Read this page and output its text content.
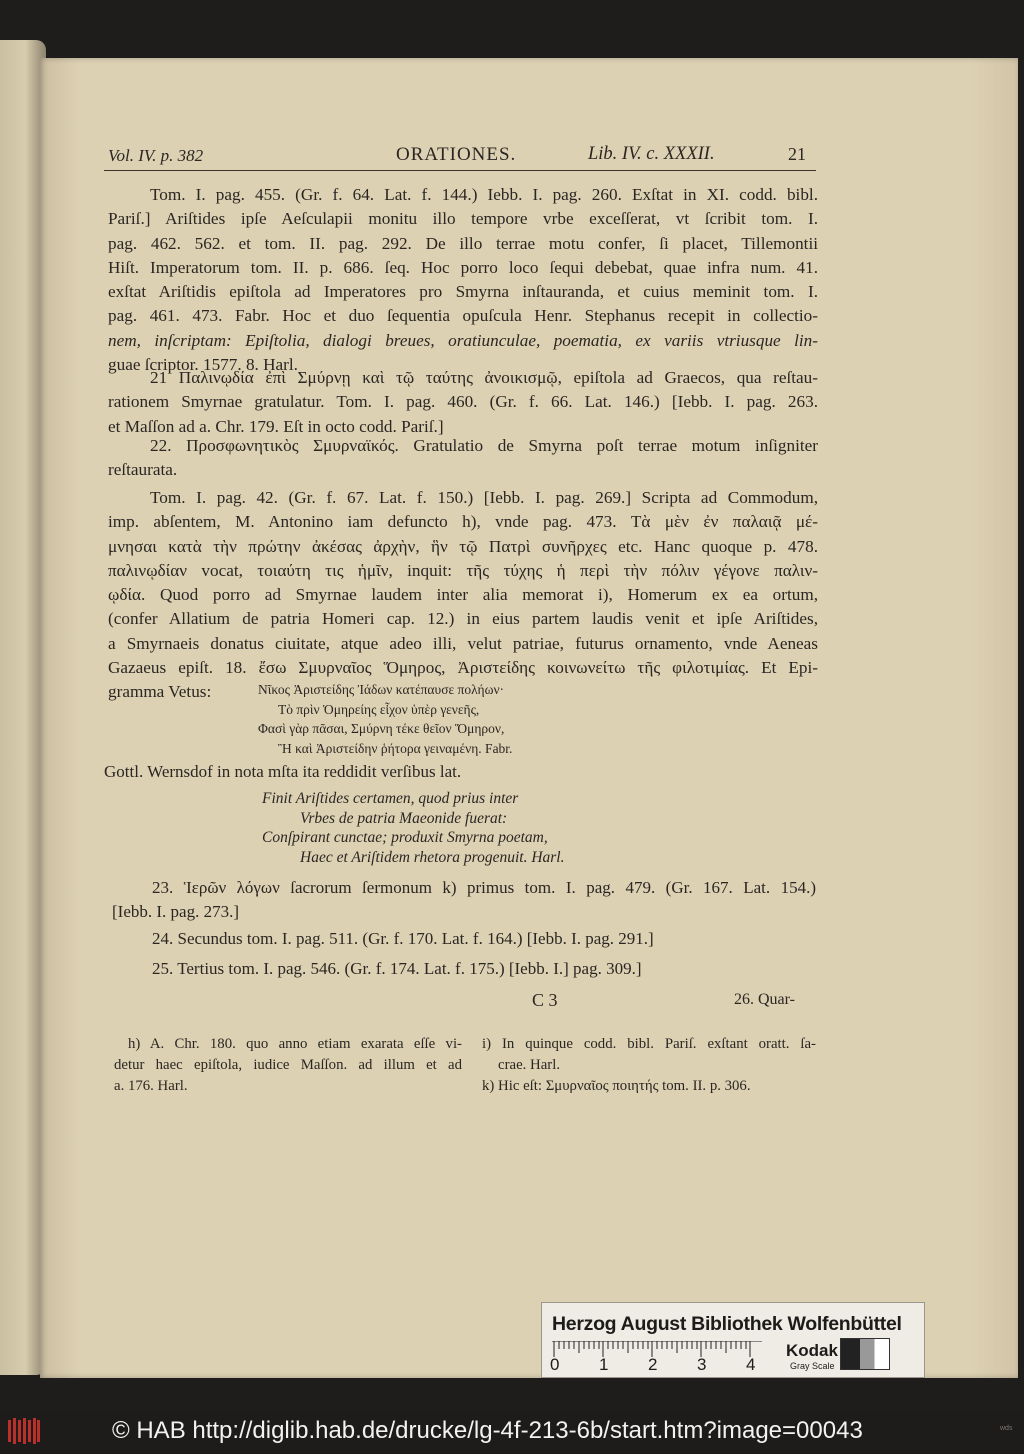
Vol. IV. p. 382	ORATIONES.	Lib. IV. c. XXXII.	21
Tom. I. pag. 455. (Gr. f. 64. Lat. f. 144.) Iebb. I. pag. 260. Exſtat in XI. codd. bibl.
Pariſ.] Ariſtides ipſe Aeſculapii monitu illo tempore vrbe exceſſerat, vt ſcribit tom. I.
pag. 462. 562. et tom. II. pag. 292. De illo terrae motu confer, ſi placet, Tillemontii
Hiſt. Imperatorum tom. II. p. 686. ſeq. Hoc porro loco ſequi debebat, quae infra num. 41.
exſtat Ariſtidis epiſtola ad Imperatores pro Smyrna inſtauranda, et cuius meminit tom. I.
pag. 461. 473. Fabr. Hoc et duo ſequentia opuſcula Henr. Stephanus recepit in collectio-
nem, inſcriptam: Epiſtolia, dialogi breues, oratiunculae, poematia, ex variis vtriusque lin-
guae ſcriptor. 1577. 8. Harl.
21 Παλινῳδία ἐπὶ Σμύρνῃ καὶ τῷ ταύτης ἀνοικισμῷ, epiſtola ad Graecos, qua reſtau-
rationem Smyrnae gratulatur. Tom. I. pag. 460. (Gr. f. 66. Lat. 146.) [Iebb. I. pag. 263.
et Maſſon ad a. Chr. 179. Eſt in octo codd. Pariſ.]
22. Προσφωνητικὸς Σμυρναϊκός. Gratulatio de Smyrna poſt terrae motum inſigniter
reſtaurata.
Tom. I. pag. 42. (Gr. f. 67. Lat. f. 150.) [Iebb. I. pag. 269.] Scripta ad Commodum,
imp. abſentem, M. Antonino iam defuncto h), vnde pag. 473. Τὰ μὲν ἐν παλαιᾷ μέ-
μνησαι κατὰ τὴν πρώτην ἀκέσας ἀρχὴν, ἣν τῷ Πατρὶ συνῆρχες etc. Hanc quoque p. 478.
παλινῳδίαν vocat, τοιαύτη τις ἡμῖν, inquit: τῆς τύχης ἡ περὶ τὴν πόλιν γέγονε παλιν-
ῳδία. Quod porro ad Smyrnae laudem inter alia memorat i), Homerum ex ea ortum,
(confer Allatium de patria Homeri cap. 12.) in eius partem laudis venit et ipſe Ariſtides,
a Smyrnaeis donatus ciuitate, atque adeo illi, velut patriae, futurus ornamento, vnde Aeneas
Gazaeus epiſt. 18. ἔσω Σμυρναῖος Ὅμηρος, Ἀριστείδης κοινωνείτω τῆς φιλοτιμίας. Et Epi-
gramma Vetus:	Νῖκος Ἀριστείδης Ἰάδων κατέπαυσε πολήων·
Τὸ πρὶν Ὁμηρείης εἶχον ὑπὲρ γενεῆς,
Φασὶ γὰρ πᾶσαι, Σμύρνη τέκε θεῖον Ὅμηρον,
Ἢ καὶ Ἀριστείδην ῥήτορα γειναμένη. Fabr.
Gottl. Wernsdof in nota mſta ita reddidit verſibus lat.
Finit Ariſtides certamen, quod prius inter
Vrbes de patria Maeonide fuerat:
Conſpirant cunctae; produxit Smyrna poetam,
Haec et Ariſtidem rhetora progenuit. Harl.
23. Ἱερῶν λόγων ſacrorum ſermonum k) primus tom. I. pag. 479. (Gr. 167. Lat. 154.)
[Iebb. I. pag. 273.]
24. Secundus tom. I. pag. 511. (Gr. f. 170. Lat. f. 164.) [Iebb. I. pag. 291.]
25. Tertius tom. I. pag. 546. (Gr. f. 174. Lat. f. 175.) [Iebb. I.] pag. 309.]
C 3	26. Quar-
h) A. Chr. 180. quo anno etiam exarata eſſe vi-
detur haec epiſtola, iudice Maſſon. ad illum et ad
a. 176. Harl.
i) In quinque codd. bibl. Pariſ. exſtant oratt. ſa-
crae. Harl.
k) Hic eſt: Σμυρναῖος ποιητής tom. II. p. 306.
Herzog August Bibliothek Wolfenbüttel
0 1 2 3 4
Kodak
Gray Scale
© HAB http://diglib.hab.de/drucke/lg-4f-213-6b/start.htm?image=00043	wds
